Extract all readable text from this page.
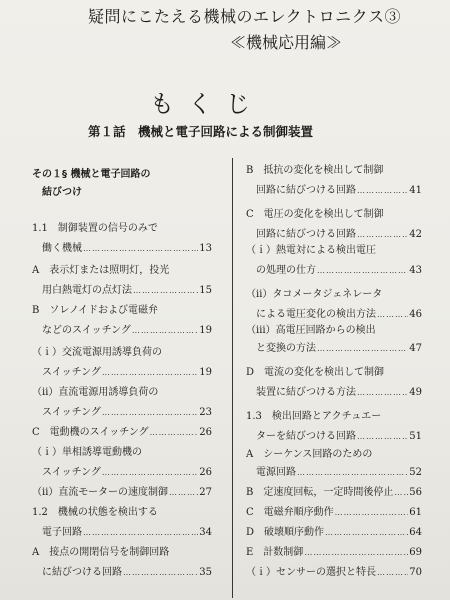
疑問にこたえる機械のエレクトロニクス③
≪機械応用編≫
もくじ
第１話　機械と電子回路による制御装置
その１§ 機械と電子回路の
　結びつけ
1.1　制御装置の信号のみで
　働く機械 ……………………………………………………………………………………	13
A　表示灯または照明灯，投光
　用白熱電灯の点灯法 ……………………………………………………………………………………	15
B　ソレノイドおよび電磁弁
　などのスイッチング ……………………………………………………………………………………	19
（ｉ）交流電源用誘導負荷の
　スイッチング ……………………………………………………………………………………	19
（ⅱ）直流電源用誘導負荷の
　スイッチング ……………………………………………………………………………………	23
C　電動機のスイッチング ……………………………………………………………………………………	26
（ｉ）単相誘導電動機の
　スイッチング ……………………………………………………………………………………	26
（ⅱ）直流モーターの速度制御 ……………………………………………………………………………………	27
1.2　機械の状態を検出する
　電子回路 ……………………………………………………………………………………	34
A　接点の開閉信号を制御回路
　に結びつける回路 ……………………………………………………………………………………	35
B　抵抗の変化を検出して制御
　回路に結びつける回路 ……………………………………………………………………………………	41
C　電圧の変化を検出して制御
　回路に結びつける回路 ……………………………………………………………………………………	42
（ｉ）熱電対による検出電圧
　の処理の仕方 ……………………………………………………………………………………	43
（ⅱ）タコメータジェネレータ
　による電圧変化の検出方法 ……………………………………………………………………………………	46
（ⅲ）高電圧回路からの検出
　と変換の方法 ……………………………………………………………………………………	47
D　電流の変化を検出して制御
　装置に結びつける方法 ……………………………………………………………………………………	49
1.3　検出回路とアクチュエー
　ターを結びつける回路 ……………………………………………………………………………………	51
A　シーケンス回路のための
　電源回路 ……………………………………………………………………………………	52
B　定速度回転，一定時間後停止 …………………………………………………………………………………… 56
C　電磁弁順序動作 ……………………………………………………………………………………	61
D　破壊順序動作 ……………………………………………………………………………………	64
E　計数制御 ……………………………………………………………………………………	69
（ｉ）センサーの選択と特長 ……………………………………………………………………………………	70
